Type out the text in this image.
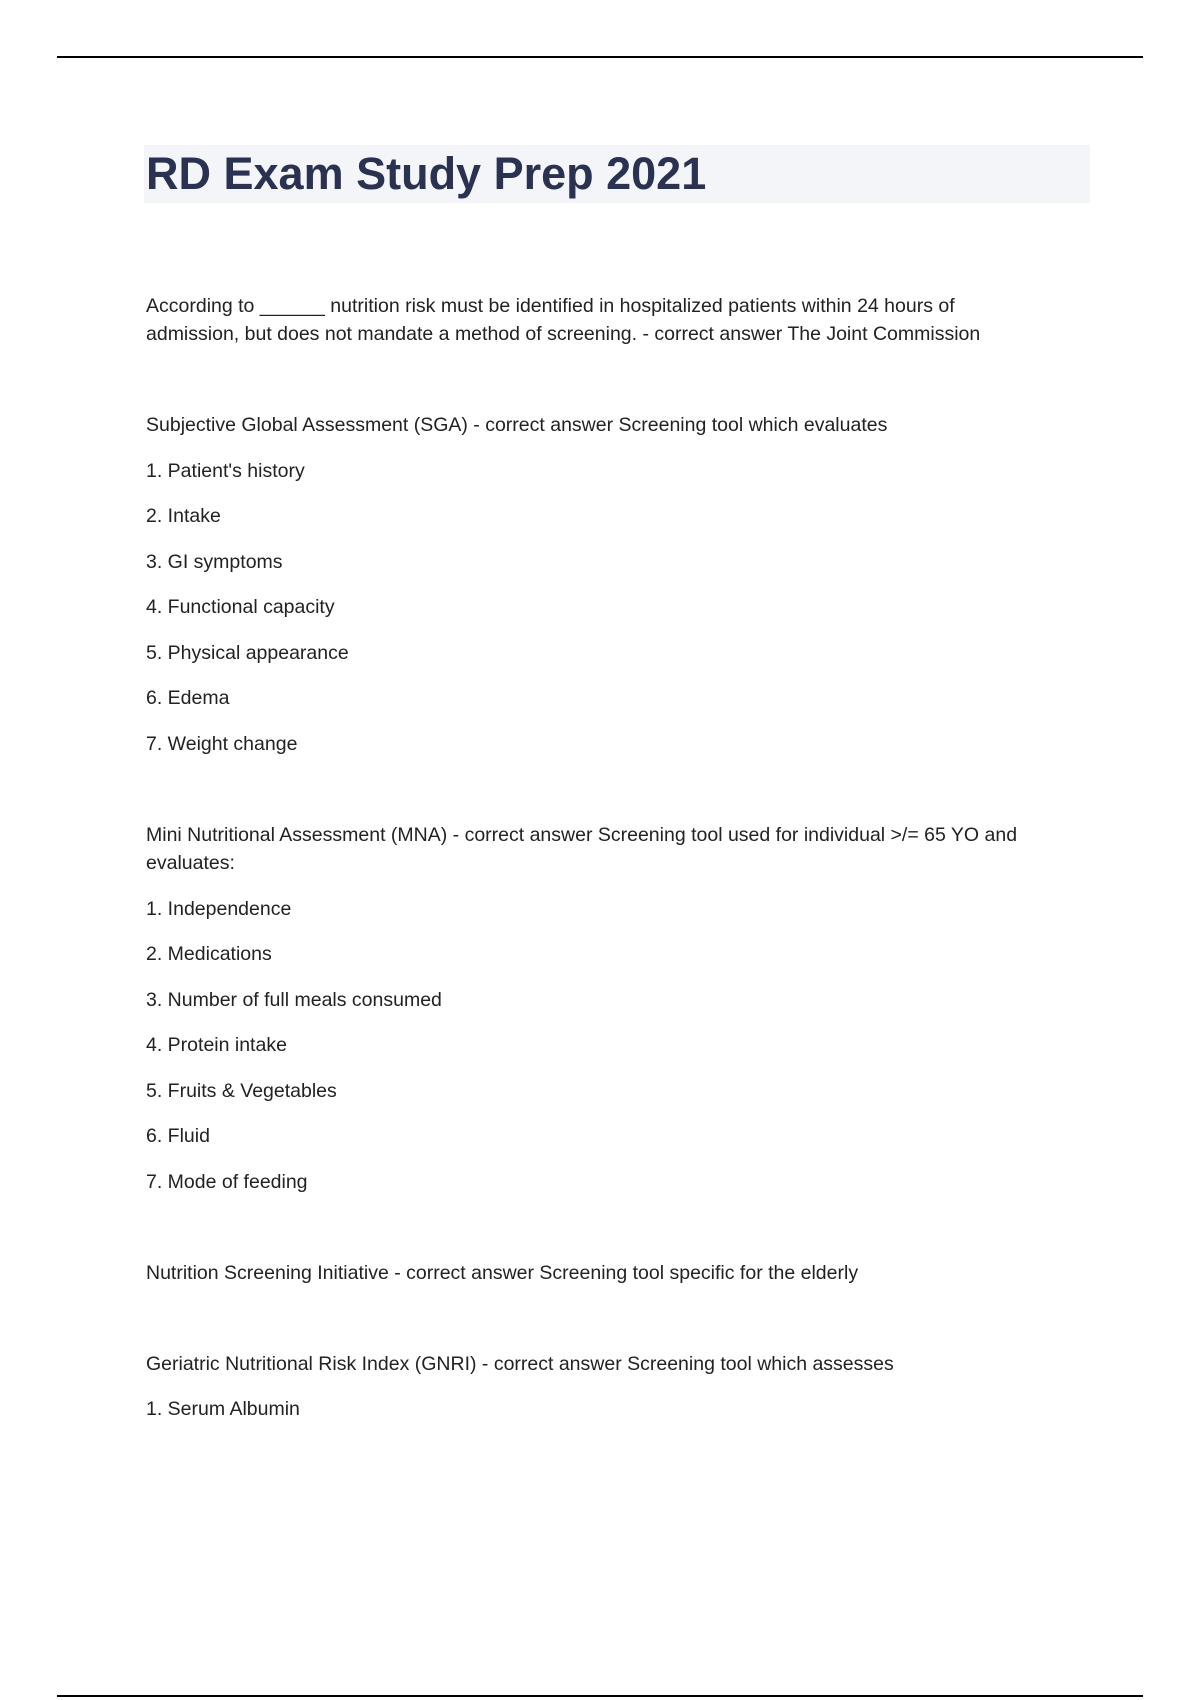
RD Exam Study Prep 2021
According to ______ nutrition risk must be identified in hospitalized patients within 24 hours of
admission, but does not mandate a method of screening. - correct answer The Joint Commission
Subjective Global Assessment (SGA) - correct answer Screening tool which evaluates
1. Patient's history
2. Intake
3. GI symptoms
4. Functional capacity
5. Physical appearance
6. Edema
7. Weight change
Mini Nutritional Assessment (MNA) - correct answer Screening tool used for individual >/= 65 YO and
evaluates:
1. Independence
2. Medications
3. Number of full meals consumed
4. Protein intake
5. Fruits & Vegetables
6. Fluid
7. Mode of feeding
Nutrition Screening Initiative - correct answer Screening tool specific for the elderly
Geriatric Nutritional Risk Index (GNRI) - correct answer Screening tool which assesses
1. Serum Albumin
